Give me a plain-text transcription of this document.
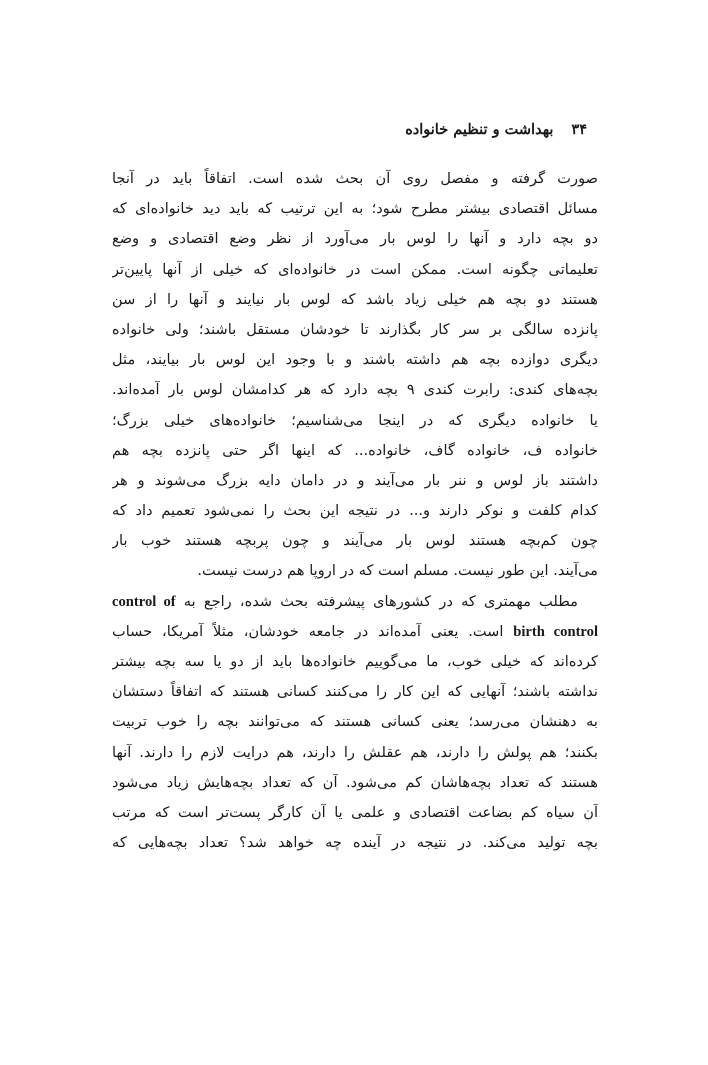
۳۴بهداشت و تنظیم خانواده
صورت گرفته و مفصل روی آن بحث شده است. اتفاقاً باید در آنجا
مسائل اقتصادی بیشتر مطرح شود؛ به این ترتیب که باید دید خانواده‌ای که
دو بچه دارد و آنها را لوس بار می‌آورد از نظر وضع اقتصادی و وضع
تعلیماتی چگونه است. ممکن است در خانواده‌ای که خیلی از آنها پایین‌تر
هستند دو بچه هم خیلی زیاد باشد که لوس بار نیایند و آنها را از سن
پانزده سالگی بر سر کار بگذارند تا خودشان مستقل باشند؛ ولی خانواده
دیگری دوازده بچه هم داشته باشند و با وجود این لوس بار بیایند، مثل
بچه‌های کندی: رابرت کندی ۹ بچه دارد که هر کدامشان لوس بار آمده‌اند.
یا خانواده دیگری که در اینجا می‌شناسیم؛ خانواده‌های خیلی بزرگ؛
خانواده ف، خانواده گاف، خانواده... که اینها اگر حتی پانزده بچه هم
داشتند باز لوس و ننر بار می‌آیند و در دامان دایه بزرگ می‌شوند و هر
کدام کلفت و نوکر دارند و... در نتیجه این بحث را نمی‌شود تعمیم داد که
چون کم‌بچه هستند لوس بار می‌آیند و چون پربچه هستند خوب بار
می‌آیند. این طور نیست. مسلم است که در اروپا هم درست نیست.
مطلب مهمتری که در کشورهای پیشرفته بحث شده، راجع به control of
birth control است. یعنی آمده‌اند در جامعه خودشان، مثلاً آمریکا، حساب
کرده‌اند که خیلی خوب، ما می‌گوییم خانواده‌ها باید از دو یا سه بچه بیشتر
نداشته باشند؛ آنهایی که این کار را می‌کنند کسانی هستند که اتفاقاً دستشان
به دهنشان می‌رسد؛ یعنی کسانی هستند که می‌توانند بچه را خوب تربیت
بکنند؛ هم پولش را دارند، هم عقلش را دارند، هم درایت لازم را دارند. آنها
هستند که تعداد بچه‌هاشان کم می‌شود. آن که تعداد بچه‌هایش زیاد می‌شود
آن سیاه کم بضاعت اقتصادی و علمی یا آن کارگر پست‌تر است که مرتب
بچه تولید می‌کند. در نتیجه در آینده چه خواهد شد؟ تعداد بچه‌هایی که
